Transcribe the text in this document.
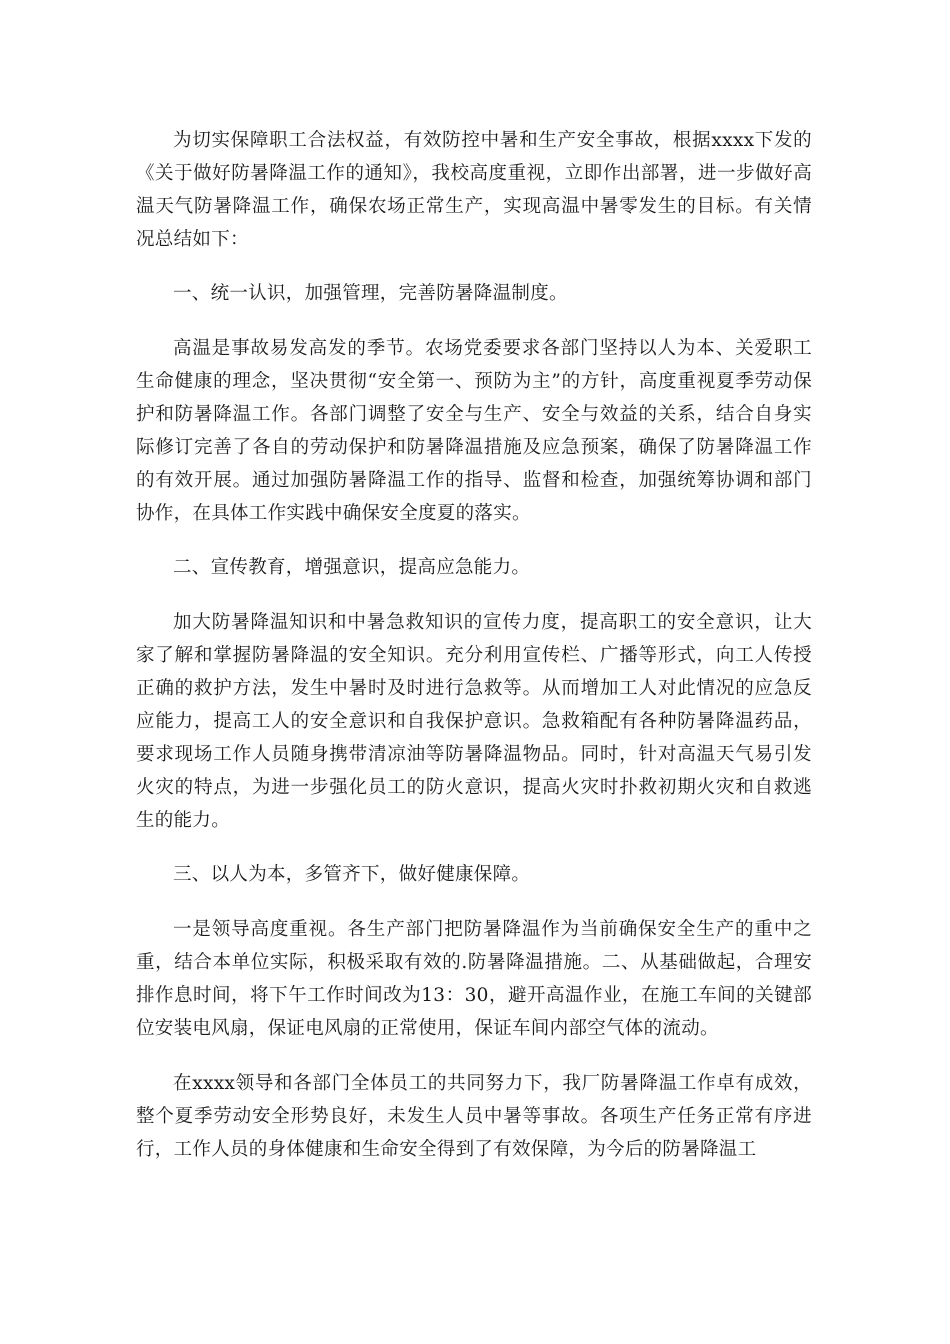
为切实保障职工合法权益，有效防控中暑和生产安全事故，根据xxxx下发的《关于做好防暑降温工作的通知》，我校高度重视，立即作出部署，进一步做好高温天气防暑降温工作，确保农场正常生产，实现高温中暑零发生的目标。有关情况总结如下：

一、统一认识，加强管理，完善防暑降温制度。

高温是事故易发高发的季节。农场党委要求各部门坚持以人为本、关爱职工生命健康的理念，坚决贯彻“安全第一、预防为主”的方针，高度重视夏季劳动保护和防暑降温工作。各部门调整了安全与生产、安全与效益的关系，结合自身实际修订完善了各自的劳动保护和防暑降温措施及应急预案，确保了防暑降温工作的有效开展。通过加强防暑降温工作的指导、监督和检查，加强统筹协调和部门协作，在具体工作实践中确保安全度夏的落实。

二、宣传教育，增强意识，提高应急能力。

加大防暑降温知识和中暑急救知识的宣传力度，提高职工的安全意识，让大家了解和掌握防暑降温的安全知识。充分利用宣传栏、广播等形式，向工人传授正确的救护方法，发生中暑时及时进行急救等。从而增加工人对此情况的应急反应能力，提高工人的安全意识和自我保护意识。急救箱配有各种防暑降温药品，要求现场工作人员随身携带清凉油等防暑降温物品。同时，针对高温天气易引发火灾的特点，为进一步强化员工的防火意识，提高火灾时扑救初期火灾和自救逃生的能力。

三、以人为本，多管齐下，做好健康保障。

一是领导高度重视。各生产部门把防暑降温作为当前确保安全生产的重中之重，结合本单位实际，积极采取有效的.防暑降温措施。二、从基础做起，合理安排作息时间，将下午工作时间改为13：30，避开高温作业，在施工车间的关键部位安装电风扇，保证电风扇的正常使用，保证车间内部空气体的流动。

在xxxx领导和各部门全体员工的共同努力下，我厂防暑降温工作卓有成效，整个夏季劳动安全形势良好，未发生人员中暑等事故。各项生产任务正常有序进行，工作人员的身体健康和生命安全得到了有效保障，为今后的防暑降温工
